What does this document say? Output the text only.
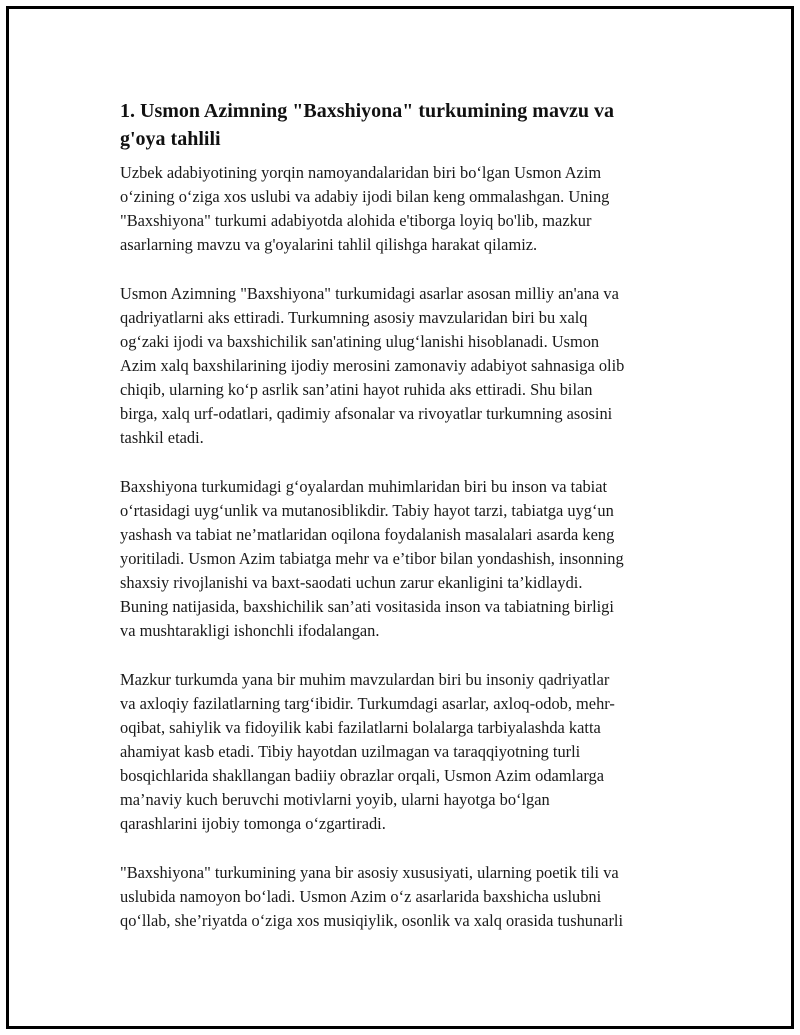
1. Usmon Azimning "Baxshiyona" turkumining mavzu va
g'oya tahlili

Uzbek adabiyotining yorqin namoyandalaridan biri bo‘lgan Usmon Azim
o‘zining o‘ziga xos uslubi va adabiy ijodi bilan keng ommalashgan. Uning
"Baxshiyona" turkumi adabiyotda alohida e'tiborga loyiq bo'lib, mazkur
asarlarning mavzu va g'oyalarini tahlil qilishga harakat qilamiz.

Usmon Azimning "Baxshiyona" turkumidagi asarlar asosan milliy an'ana va
qadriyatlarni aks ettiradi. Turkumning asosiy mavzularidan biri bu xalq
og‘zaki ijodi va baxshichilik san'atining ulug‘lanishi hisoblanadi. Usmon
Azim xalq baxshilarining ijodiy merosini zamonaviy adabiyot sahnasiga olib
chiqib, ularning ko‘p asrlik san’atini hayot ruhida aks ettiradi. Shu bilan
birga, xalq urf-odatlari, qadimiy afsonalar va rivoyatlar turkumning asosini
tashkil etadi.

Baxshiyona turkumidagi g‘oyalardan muhimlaridan biri bu inson va tabiat
o‘rtasidagi uyg‘unlik va mutanosiblikdir. Tabiy hayot tarzi, tabiatga uyg‘un
yashash va tabiat ne’matlaridan oqilona foydalanish masalalari asarda keng
yoritiladi. Usmon Azim tabiatga mehr va e’tibor bilan yondashish, insonning
shaxsiy rivojlanishi va baxt-saodati uchun zarur ekanligini ta’kidlaydi.
Buning natijasida, baxshichilik san’ati vositasida inson va tabiatning birligi
va mushtarakligi ishonchli ifodalangan.

Mazkur turkumda yana bir muhim mavzulardan biri bu insoniy qadriyatlar
va axloqiy fazilatlarning targ‘ibidir. Turkumdagi asarlar, axloq-odob, mehr-
oqibat, sahiylik va fidoyilik kabi fazilatlarni bolalarga tarbiyalashda katta
ahamiyat kasb etadi. Tibiy hayotdan uzilmagan va taraqqiyotning turli
bosqichlarida shakllangan badiiy obrazlar orqali, Usmon Azim odamlarga
ma’naviy kuch beruvchi motivlarni yoyib, ularni hayotga bo‘lgan
qarashlarini ijobiy tomonga o‘zgartiradi.

"Baxshiyona" turkumining yana bir asosiy xususiyati, ularning poetik tili va
uslubida namoyon bo‘ladi. Usmon Azim o‘z asarlarida baxshicha uslubni
qo‘llab, she’riyatda o‘ziga xos musiqiylik, osonlik va xalq orasida tushunarli
